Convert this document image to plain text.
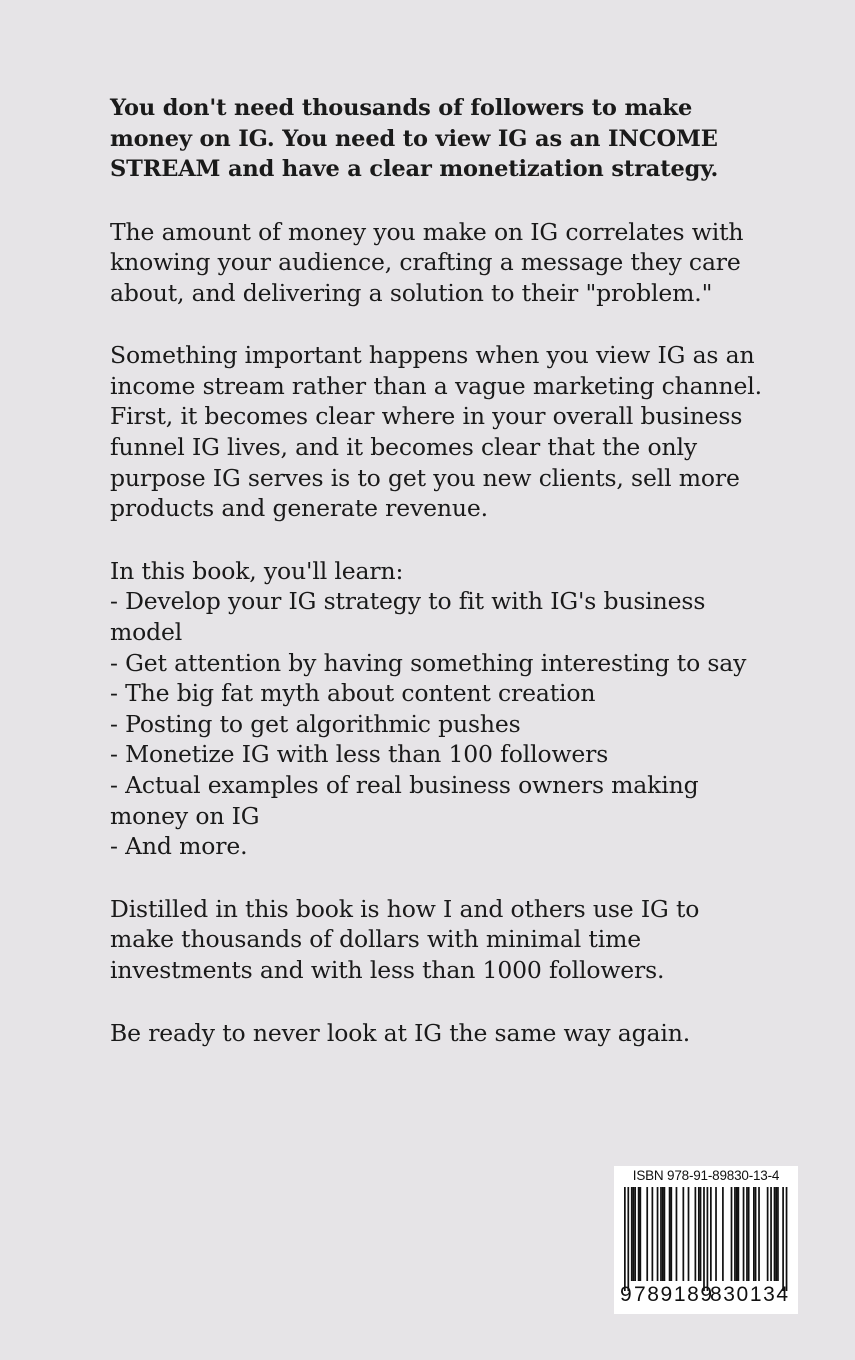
You don't need thousands of followers to make
money on IG. You need to view IG as an INCOME
STREAM and have a clear monetization strategy.

The amount of money you make on IG correlates with
knowing your audience, crafting a message they care
about, and delivering a solution to their "problem."

Something important happens when you view IG as an
income stream rather than a vague marketing channel.
First, it becomes clear where in your overall business
funnel IG lives, and it becomes clear that the only
purpose IG serves is to get you new clients, sell more
products and generate revenue.

In this book, you'll learn:
- Develop your IG strategy to fit with IG's business
model
- Get attention by having something interesting to say
- The big fat myth about content creation
- Posting to get algorithmic pushes
- Monetize IG with less than 100 followers
- Actual examples of real business owners making
money on IG
- And more.

Distilled in this book is how I and others use IG to
make thousands of dollars with minimal time
investments and with less than 1000 followers.

Be ready to never look at IG the same way again.

ISBN 978-91-89830-13-4
9 789189
830134
